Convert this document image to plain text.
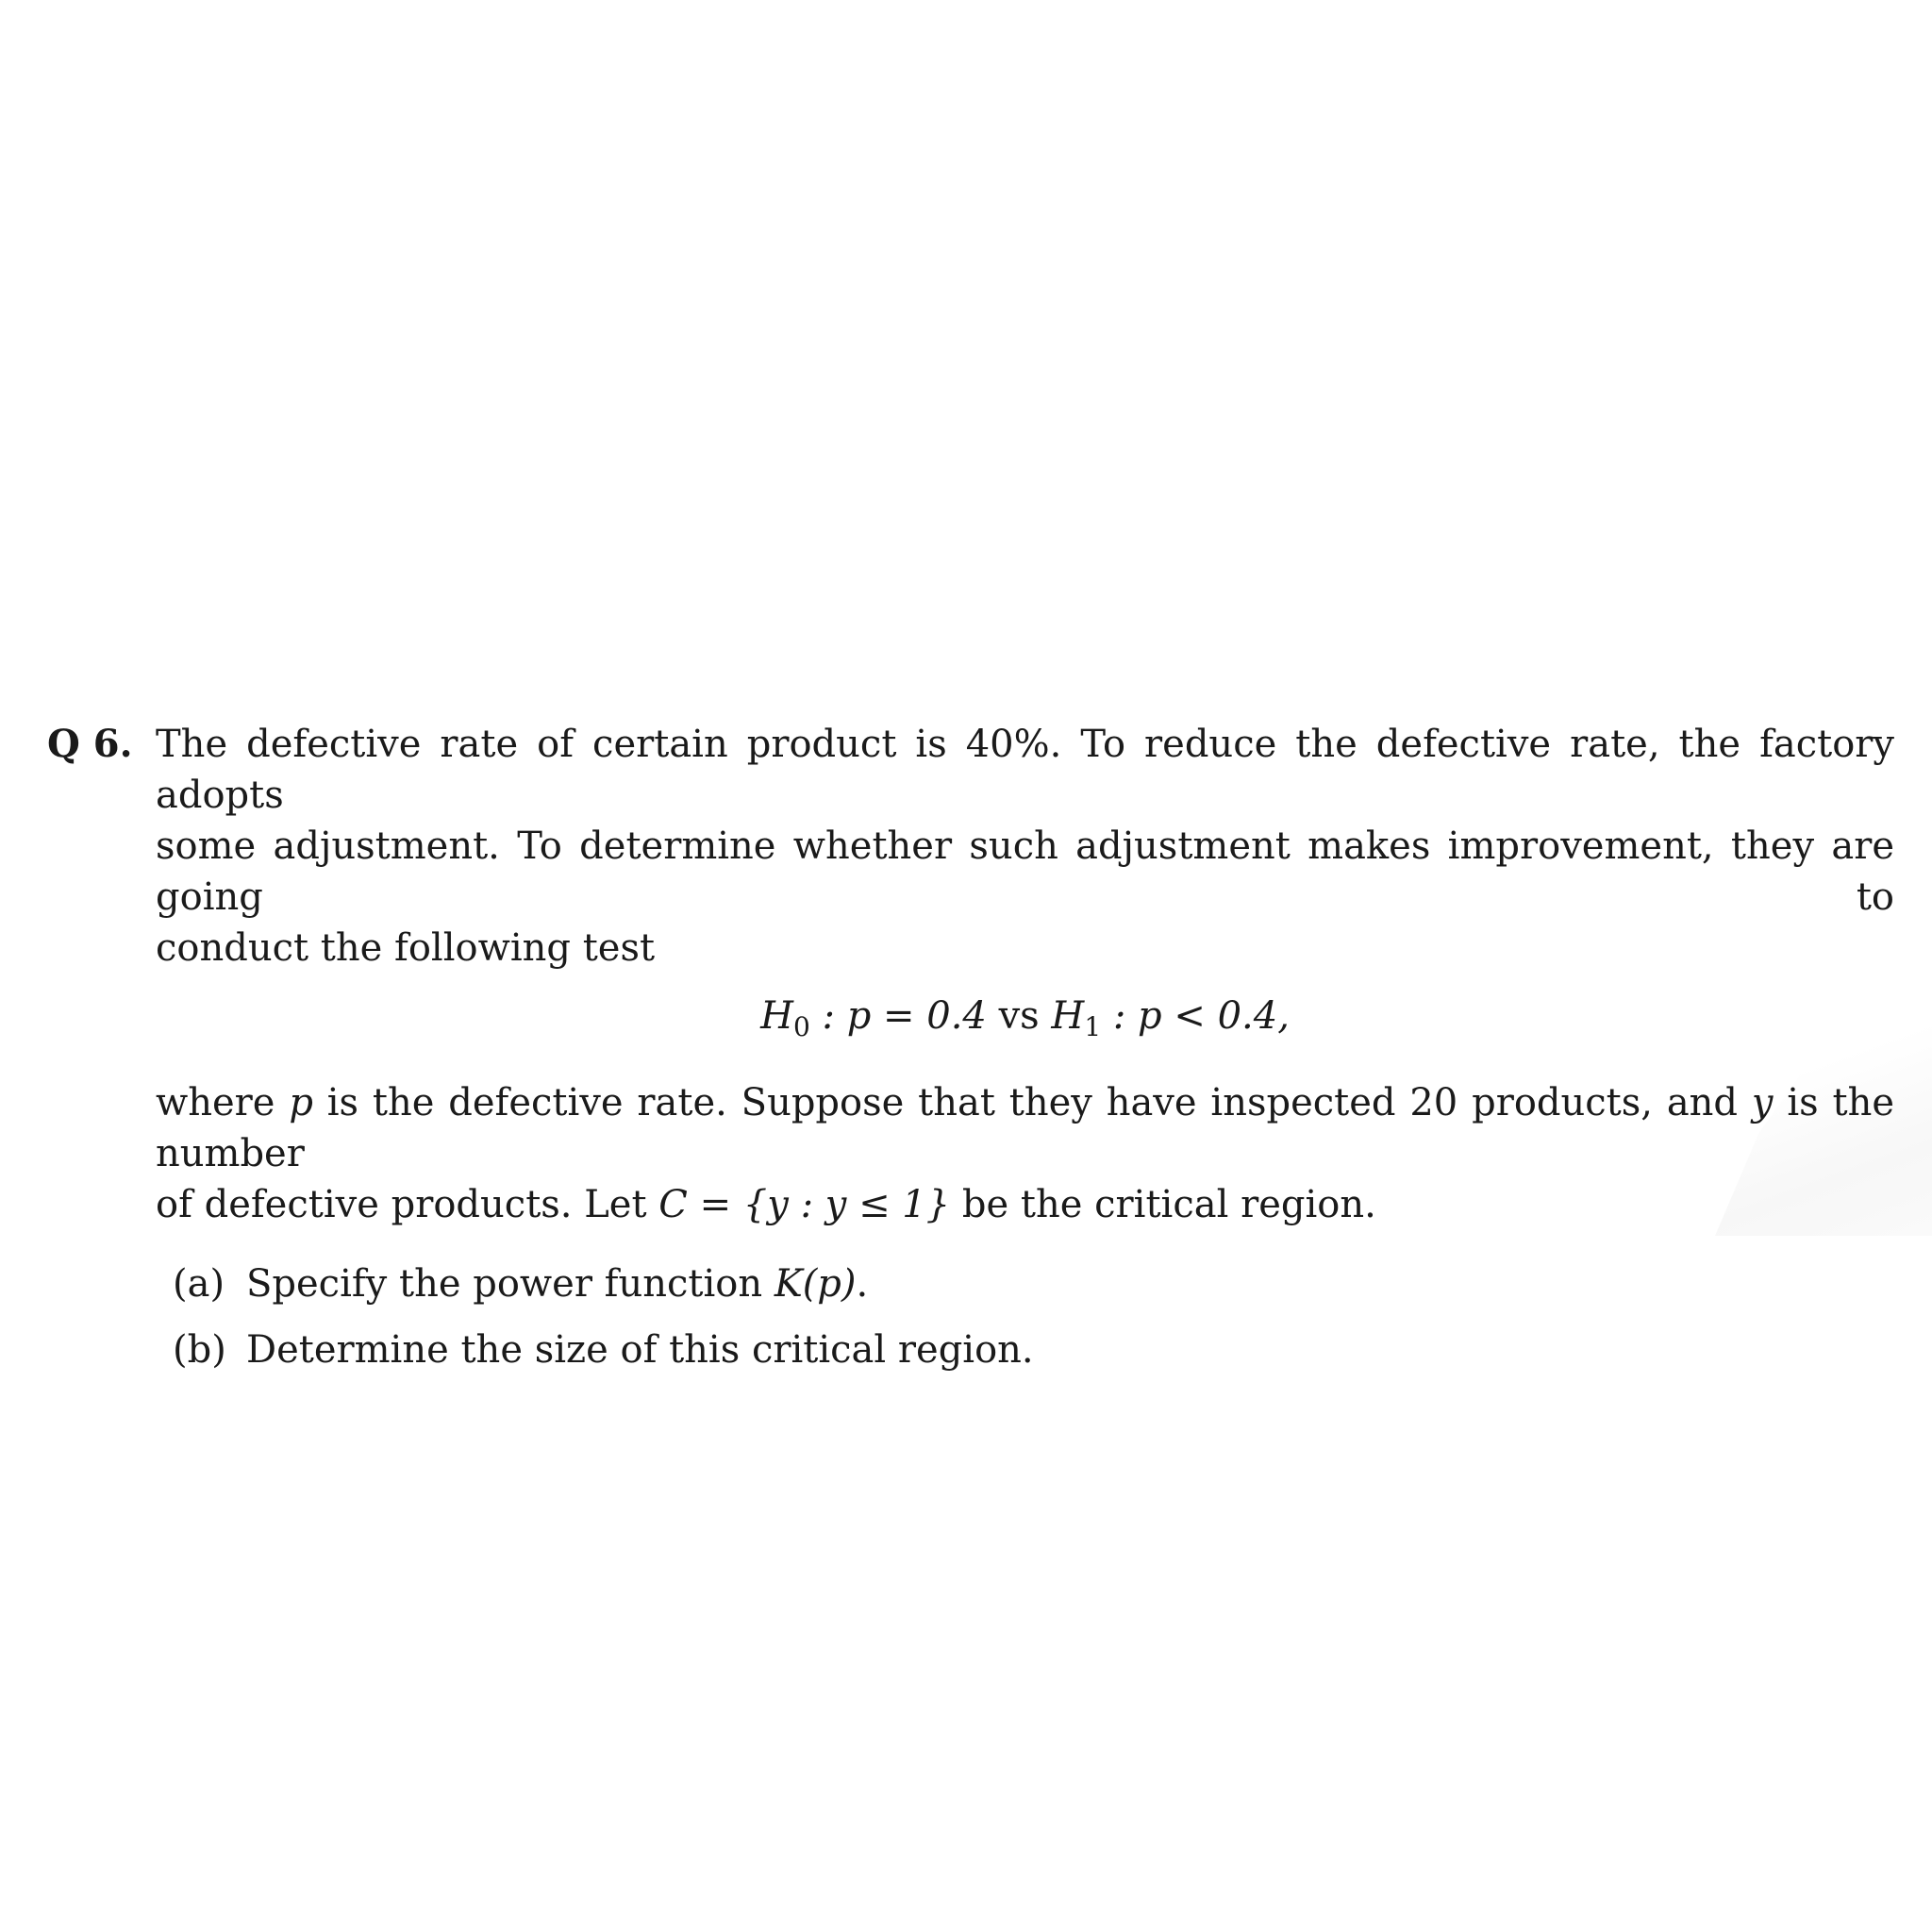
Q 6. The defective rate of certain product is 40%. To reduce the defective rate, the factory adopts
some adjustment. To determine whether such adjustment makes improvement, they are going to
conduct the following test
$H_0$ : p = 0.4 vs $H_1$ : p < 0.4,
where p is the defective rate. Suppose that they have inspected 20 products, and y is the number
of defective products. Let C = {y : y ≤ 1} be the critical region.
(a) Specify the power function K(p).
(b) Determine the size of this critical region.
